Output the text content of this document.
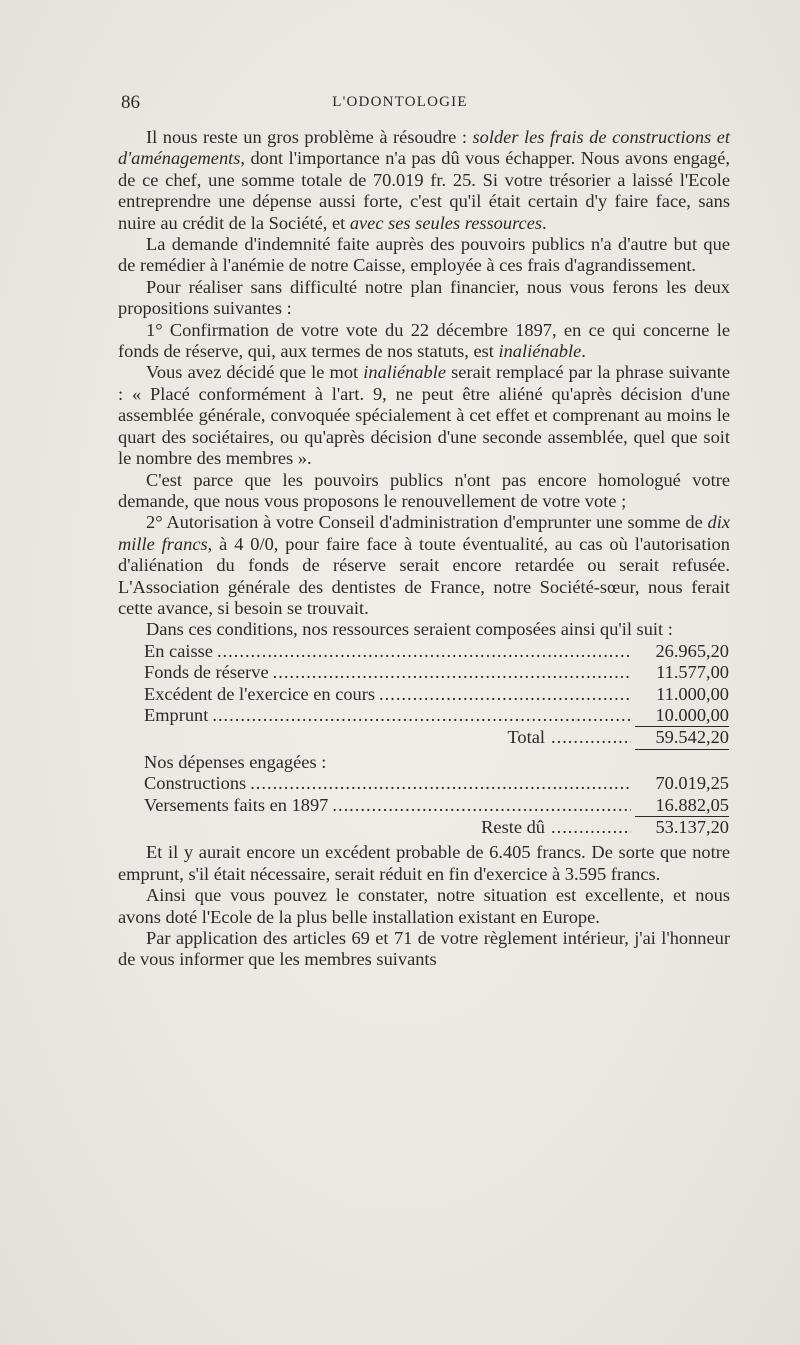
86	L'ODONTOLOGIE

Il nous reste un gros problème à résoudre : solder les frais de constructions et d'aménagements, dont l'importance n'a pas dû vous échapper. Nous avons engagé, de ce chef, une somme totale de 70.019 fr. 25. Si votre trésorier a laissé l'Ecole entreprendre une dépense aussi forte, c'est qu'il était certain d'y faire face, sans nuire au crédit de la Société, et avec ses seules ressources.

La demande d'indemnité faite auprès des pouvoirs publics n'a d'autre but que de remédier à l'anémie de notre Caisse, employée à ces frais d'agrandissement.

Pour réaliser sans difficulté notre plan financier, nous vous ferons les deux propositions suivantes :

1° Confirmation de votre vote du 22 décembre 1897, en ce qui concerne le fonds de réserve, qui, aux termes de nos statuts, est inaliénable.

Vous avez décidé que le mot inaliénable serait remplacé par la phrase suivante : « Placé conformément à l'art. 9, ne peut être aliéné qu'après décision d'une assemblée générale, convoquée spécialement à cet effet et comprenant au moins le quart des sociétaires, ou qu'après décision d'une seconde assemblée, quel que soit le nombre des membres ».

C'est parce que les pouvoirs publics n'ont pas encore homologué votre demande, que nous vous proposons le renouvellement de votre vote ;

2° Autorisation à votre Conseil d'administration d'emprunter une somme de dix mille francs, à 4 0/0, pour faire face à toute éventualité, au cas où l'autorisation d'aliénation du fonds de réserve serait encore retardée ou serait refusée. L'Association générale des dentistes de France, notre Société-sœur, nous ferait cette avance, si besoin se trouvait.

Dans ces conditions, nos ressources seraient composées ainsi qu'il suit :

En caisse .....	26.965,20
Fonds de réserve .....	11.577,00
Excédent de l'exercice en cours .....	11.000,00
Emprunt .....	10.000,00
Total .....	59.542,20

Nos dépenses engagées :

Constructions .....	70.019,25
Versements faits en 1897 .....	16.882,05
Reste dû .....	53.137,20

Et il y aurait encore un excédent probable de 6.405 francs. De sorte que notre emprunt, s'il était nécessaire, serait réduit en fin d'exercice à 3.595 francs.

Ainsi que vous pouvez le constater, notre situation est excellente, et nous avons doté l'Ecole de la plus belle installation existant en Europe.

Par application des articles 69 et 71 de votre règlement intérieur, j'ai l'honneur de vous informer que les membres suivants
